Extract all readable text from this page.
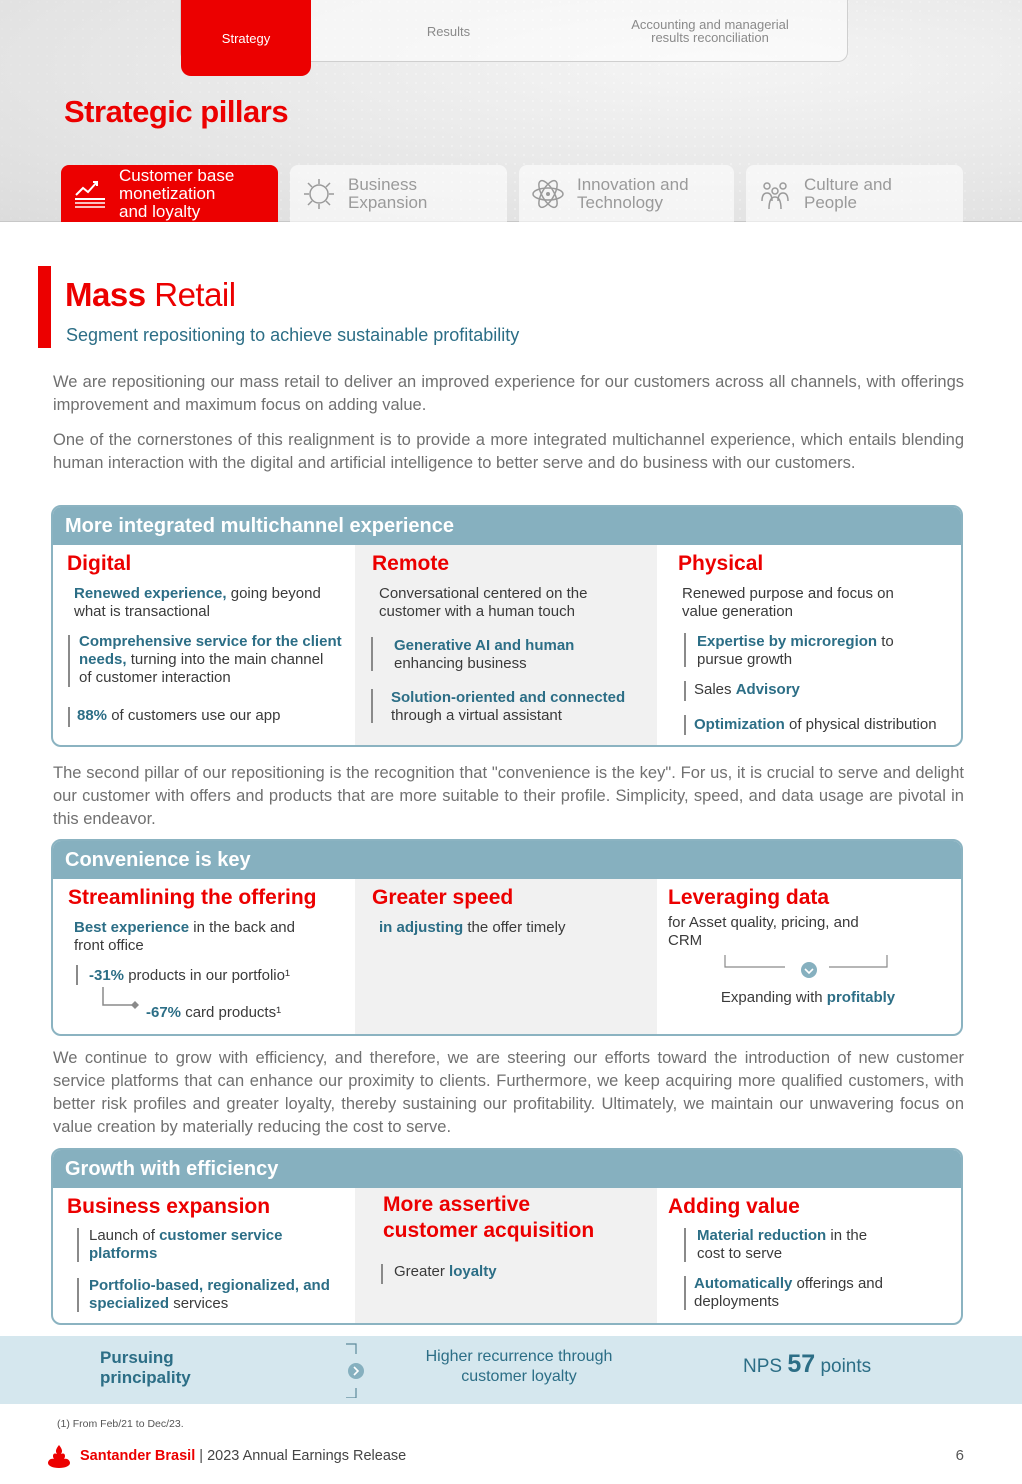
Strategy	Results	Accounting and managerial
results reconciliation
Strategic pillars
Customer base
monetization
and loyalty
Business
Expansion
Innovation and
Technology
Culture and
People
Mass Retail
Segment repositioning to achieve sustainable profitability
We are repositioning our mass retail to deliver an improved experience for our customers across all channels, with offerings improvement and maximum focus on adding value.
One of the cornerstones of this realignment is to provide a more integrated multichannel experience, which entails blending human interaction with the digital and artificial intelligence to better serve and do business with our customers.
More integrated multichannel experience
Digital
Renewed experience, going beyond
what is transactional
Comprehensive service for the client
needs, turning into the main channel
of customer interaction
88% of customers use our app
Remote
Conversational centered on the
customer with a human touch
Generative AI and human
enhancing business
Solution-oriented and connected
through a virtual assistant
Physical
Renewed purpose and focus on
value generation
Expertise by microregion to
pursue growth
Sales Advisory
Optimization of physical distribution
The second pillar of our repositioning is the recognition that "convenience is the key". For us, it is crucial to serve and delight our customer with offers and products that are more suitable to their profile. Simplicity, speed, and data usage are pivotal in this endeavor.
Convenience is key
Streamlining the offering
Best experience in the back and
front office
-31% products in our portfolio¹
-67% card products¹
Greater speed
in adjusting the offer timely
Leveraging data
for Asset quality, pricing, and
CRM
Expanding with profitably
We continue to grow with efficiency, and therefore, we are steering our efforts toward the introduction of new customer service platforms that can enhance our proximity to clients. Furthermore, we keep acquiring more qualified customers, with better risk profiles and greater loyalty, thereby sustaining our profitability. Ultimately, we maintain our unwavering focus on value creation by materially reducing the cost to serve.
Growth with efficiency
Business expansion
Launch of customer service
platforms
Portfolio-based, regionalized, and
specialized services
More assertive
customer acquisition
Greater loyalty
Adding value
Material reduction in the
cost to serve
Automatically offerings and
deployments
Pursuing
principality
Higher recurrence through
customer loyalty	NPS 57 points
(1) From Feb/21 to Dec/23.
Santander Brasil | 2023 Annual Earnings Release	6
